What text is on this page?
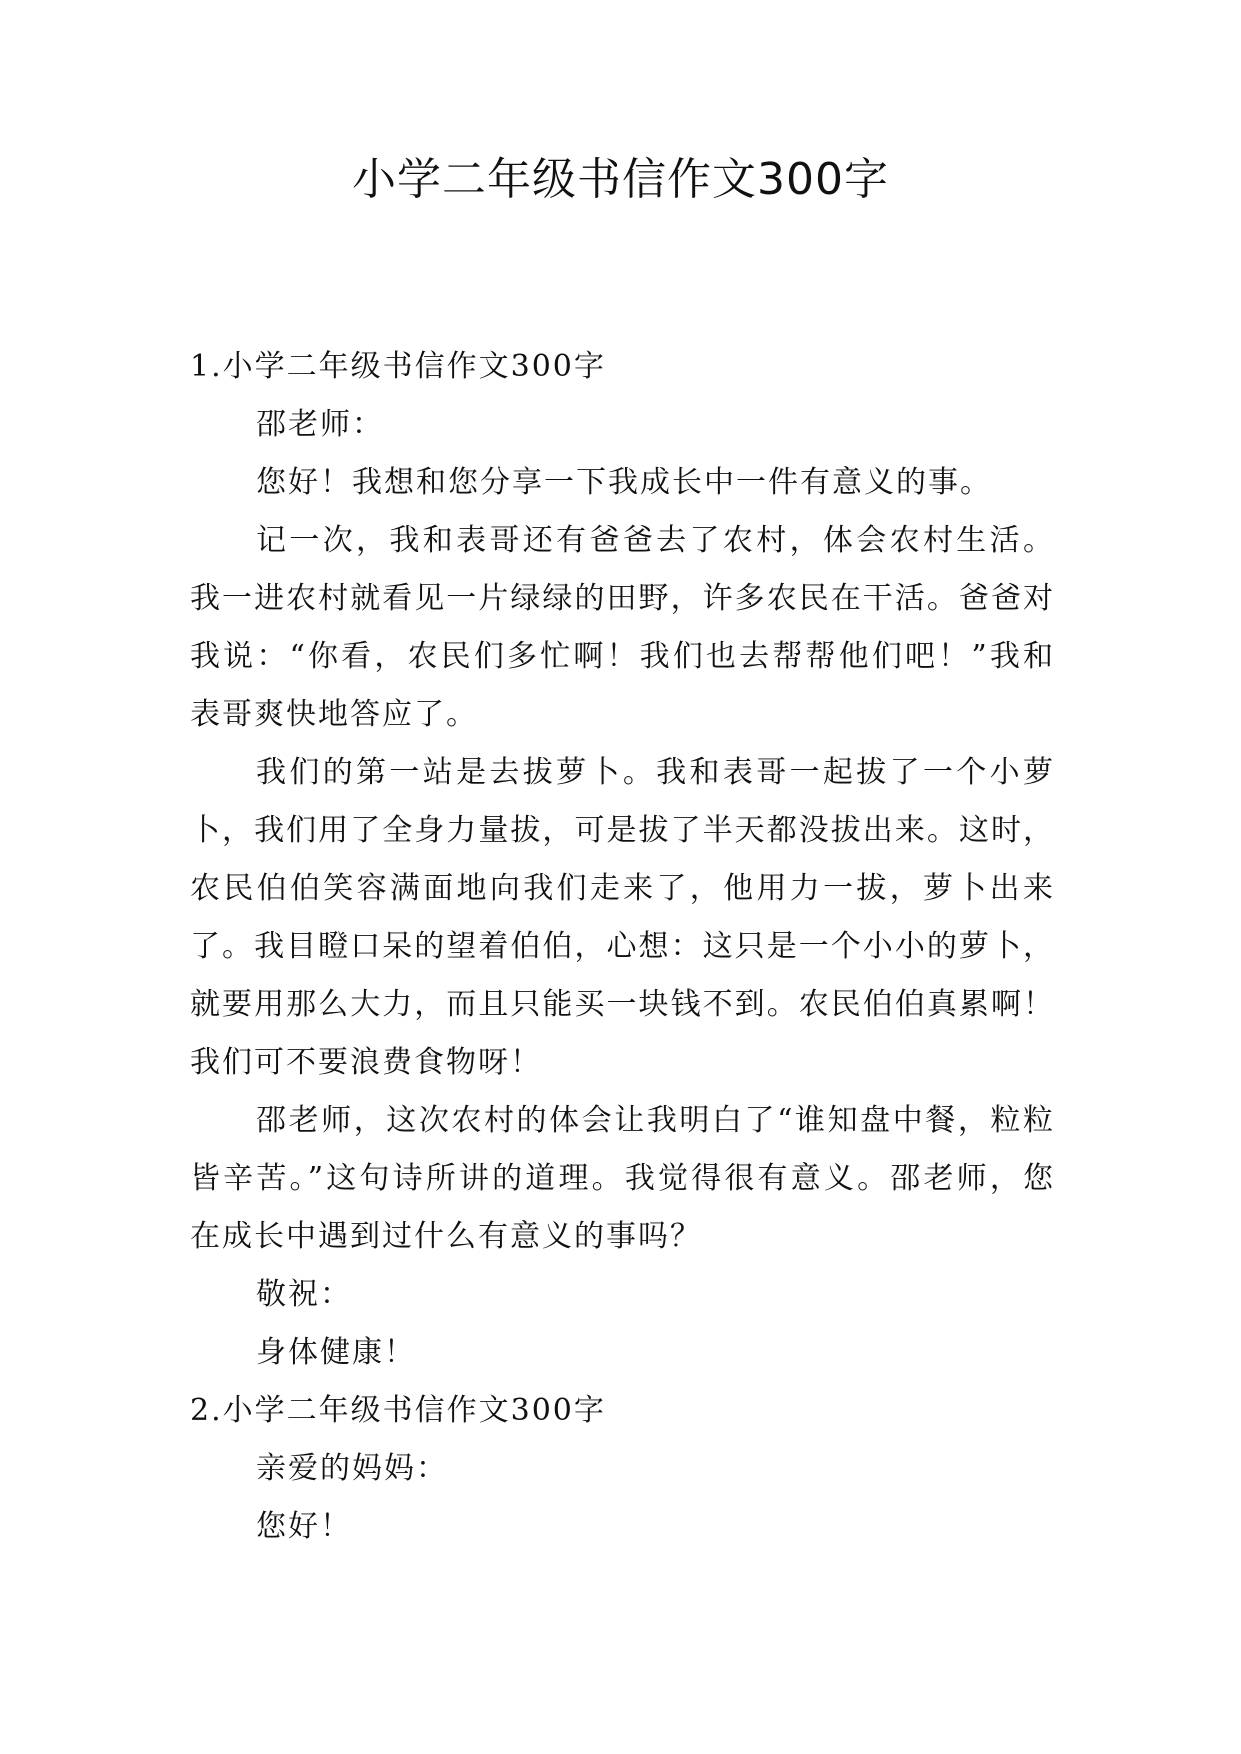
小学二年级书信作文300字

1.小学二年级书信作文300字

邵老师：

您好！我想和您分享一下我成长中一件有意义的事。

记一次，我和表哥还有爸爸去了农村，体会农村生活。我一进农村就看见一片绿绿的田野，许多农民在干活。爸爸对我说：“你看，农民们多忙啊！我们也去帮帮他们吧！”我和表哥爽快地答应了。

我们的第一站是去拔萝卜。我和表哥一起拔了一个小萝卜，我们用了全身力量拔，可是拔了半天都没拔出来。这时，农民伯伯笑容满面地向我们走来了，他用力一拔，萝卜出来了。我目瞪口呆的望着伯伯，心想：这只是一个小小的萝卜，就要用那么大力，而且只能买一块钱不到。农民伯伯真累啊！我们可不要浪费食物呀！

邵老师，这次农村的体会让我明白了“谁知盘中餐，粒粒皆辛苦。”这句诗所讲的道理。我觉得很有意义。邵老师，您在成长中遇到过什么有意义的事吗？

敬祝：

身体健康！

2.小学二年级书信作文300字

亲爱的妈妈：

您好！
